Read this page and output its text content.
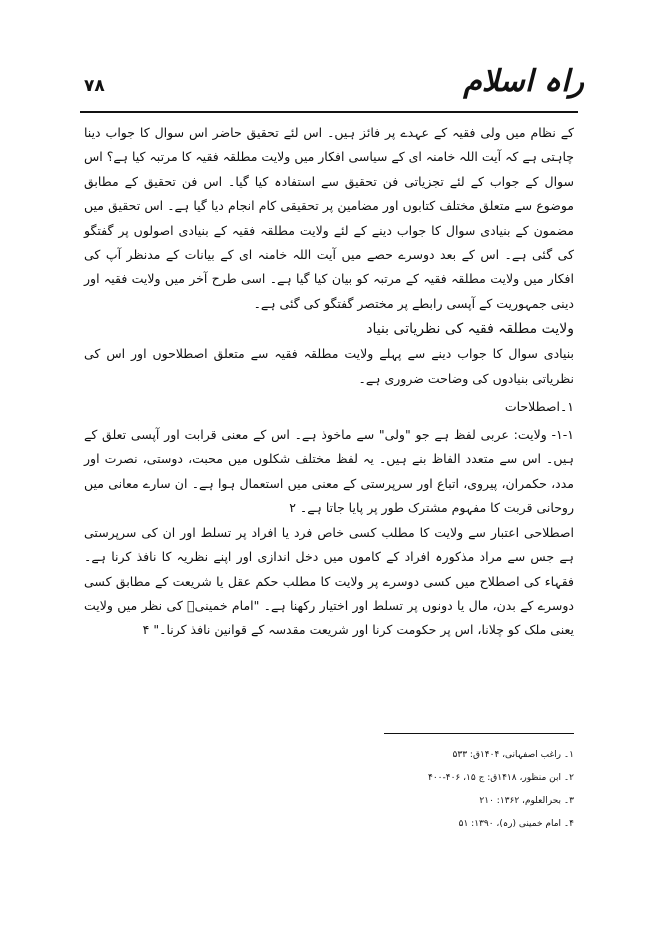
راہ اسلام
۷۸

کے نظام میں ولی فقیہ کے عہدے پر فائز ہیں۔ اس لئے تحقیق حاضر اس سوال کا جواب دینا چاہتی ہے کہ آیت اللہ خامنہ ای کے سیاسی افکار میں ولایت مطلقہ فقیہ کا مرتبہ کیا ہے؟ اس سوال کے جواب کے لئے تجزیاتی فن تحقیق سے استفادہ کیا گیا۔ اس فن تحقیق کے مطابق موضوع سے متعلق مختلف کتابوں اور مضامین پر تحقیقی کام انجام دیا گیا ہے۔ اس تحقیق میں مضمون کے بنیادی سوال کا جواب دینے کے لئے ولایت مطلقہ فقیہ کے بنیادی اصولوں پر گفتگو کی گئی ہے۔ اس کے بعد دوسرے حصے میں آیت اللہ خامنہ ای کے بیانات کے مدنظر آپ کی افکار میں ولایت مطلقہ فقیہ کے مرتبہ کو بیان کیا گیا ہے۔ اسی طرح آخر میں ولایت فقیہ اور دینی جمہوریت کے آپسی رابطے پر مختصر گفتگو کی گئی ہے۔

ولایت مطلقہ فقیہ کی نظریاتی بنیاد

بنیادی سوال کا جواب دینے سے پہلے ولایت مطلقہ فقیہ سے متعلق اصطلاحوں اور اس کی نظریاتی بنیادوں کی وضاحت ضروری ہے۔

۱۔اصطلاحات

۱-۱- ولایت: عربی لفظ ہے جو "ولی" سے ماخوذ ہے۔ اس کے معنی قرابت اور آپسی تعلق کے ہیں۔ اس سے متعدد الفاظ بنے ہیں۔ یہ لفظ مختلف شکلوں میں محبت، دوستی، نصرت اور مدد، حکمران، پیروی، اتباع اور سرپرستی کے معنی میں استعمال ہوا ہے۔ ان سارے معانی میں روحانی قربت کا مفہوم مشترک طور پر پایا جاتا ہے۔ ۲

اصطلاحی اعتبار سے ولایت کا مطلب کسی خاص فرد یا افراد پر تسلط اور ان کی سرپرستی ہے جس سے مراد مذکورہ افراد کے کاموں میں دخل اندازی اور اپنے نظریہ کا نافذ کرنا ہے۔ فقہاء کی اصطلاح میں کسی دوسرے پر ولایت کا مطلب حکم عقل یا شریعت کے مطابق کسی دوسرے کے بدن، مال یا دونوں پر تسلط اور اختیار رکھنا ہے۔ "امام خمینیؒ کی نظر میں ولایت یعنی ملک کو چلانا، اس پر حکومت کرنا اور شریعت مقدسہ کے قوانین نافذ کرنا۔" ۴

۱۔ راغب اصفہانی، ۱۴۰۴ق: ۵۳۳
۲۔ ابن منظور، ۱۴۱۸ق: ج ۱۵، ۴۰۶-۴۰۰
۳۔ بحرالعلوم، ۱۳۶۲: ۲۱۰
۴۔ امام خمینی (رہ)، ۱۳۹۰: ۵۱
